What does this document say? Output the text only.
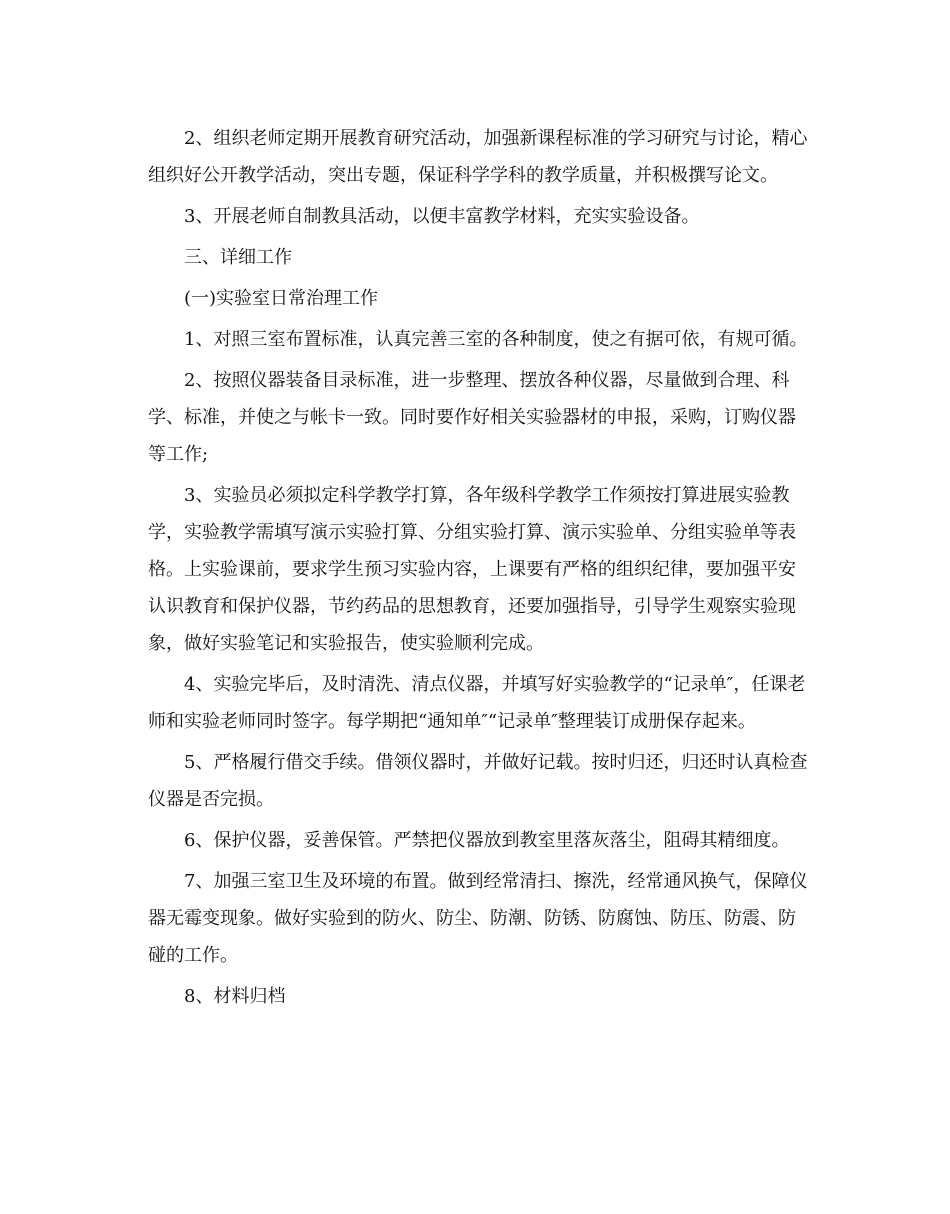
2、组织老师定期开展教育研究活动，加强新课程标准的学习研究与讨论，精心组织好公开教学活动，突出专题，保证科学学科的教学质量，并积极撰写论文。

3、开展老师自制教具活动，以便丰富教学材料，充实实验设备。

三、详细工作

(一)实验室日常治理工作

1、对照三室布置标准，认真完善三室的各种制度，使之有据可依，有规可循。

2、按照仪器装备目录标准，进一步整理、摆放各种仪器，尽量做到合理、科学、标准，并使之与帐卡一致。同时要作好相关实验器材的申报，采购，订购仪器等工作;

3、实验员必须拟定科学教学打算，各年级科学教学工作须按打算进展实验教学，实验教学需填写演示实验打算、分组实验打算、演示实验单、分组实验单等表格。上实验课前，要求学生预习实验内容，上课要有严格的组织纪律，要加强平安认识教育和保护仪器，节约药品的思想教育，还要加强指导，引导学生观察实验现象，做好实验笔记和实验报告，使实验顺利完成。

4、实验完毕后，及时清洗、清点仪器，并填写好实验教学的“记录单″，任课老师和实验老师同时签字。每学期把“通知单″“记录单″整理装订成册保存起来。

5、严格履行借交手续。借领仪器时，并做好记载。按时归还，归还时认真检查仪器是否完损。

6、保护仪器，妥善保管。严禁把仪器放到教室里落灰落尘，阻碍其精细度。

7、加强三室卫生及环境的布置。做到经常清扫、擦洗，经常通风换气，保障仪器无霉变现象。做好实验到的防火、防尘、防潮、防锈、防腐蚀、防压、防震、防碰的工作。

8、材料归档
